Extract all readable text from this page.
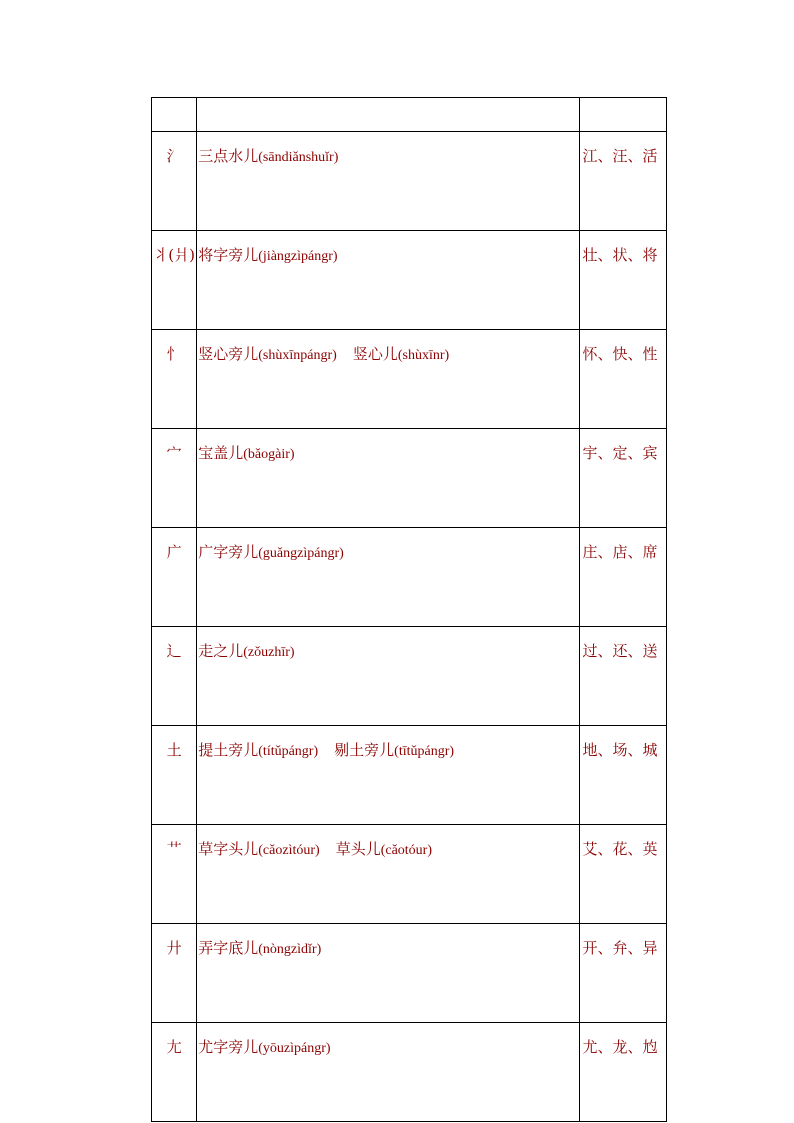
氵	三点水儿(sāndiǎnshuǐr)	江、汪、活
丬(爿)	将字旁儿(jiàngzìpángr)	壮、状、将
忄	竖心旁儿(shùxīnpángr) 竖心儿(shùxīnr)	怀、快、性
宀	宝盖儿(bǎogàir)	宇、定、宾
广	广字旁儿(guǎngzìpángr)	庄、店、席
辶	走之儿(zǒuzhīr)	过、还、送
土	提土旁儿(títǔpángr) 剔土旁儿(tītǔpángr)	地、场、城
艹	草字头儿(cǎozìtóur) 草头儿(cǎotóur)	艾、花、英
廾	弄字底儿(nòngzìdǐr)	开、弁、异
尢	尤字旁儿(yōuzìpángr)	尤、龙、尥
